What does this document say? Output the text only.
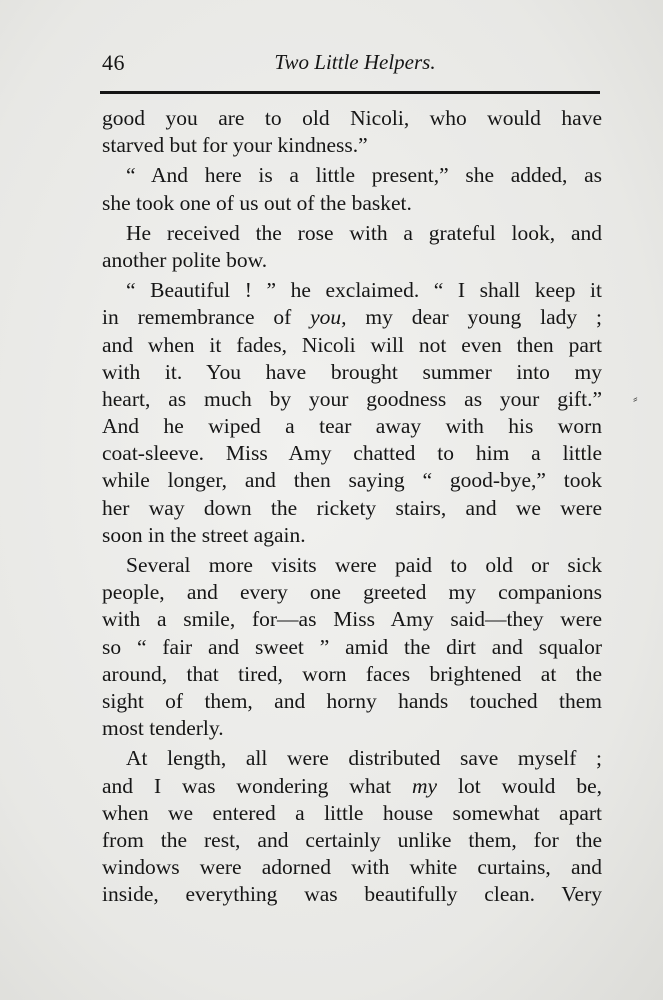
46	Two Little Helpers.
good you are to old Nicoli, who would have
starved but for your kindness.”
“ And here is a little present,” she added, as
she took one of us out of the basket.
He received the rose with a grateful look, and
another polite bow.
“ Beautiful ! ” he exclaimed. “ I shall keep it
in remembrance of you, my dear young lady ;
and when it fades, Nicoli will not even then part
with it. You have brought summer into my
heart, as much by your goodness as your gift.”
And he wiped a tear away with his worn
coat-sleeve. Miss Amy chatted to him a little
while longer, and then saying “ good-bye,” took
her way down the rickety stairs, and we were
soon in the street again.
Several more visits were paid to old or sick
people, and every one greeted my companions
with a smile, for—as Miss Amy said—they were
so “ fair and sweet ” amid the dirt and squalor
around, that tired, worn faces brightened at the
sight of them, and horny hands touched them
most tenderly.
At length, all were distributed save myself ;
and I was wondering what my lot would be,
when we entered a little house somewhat apart
from the rest, and certainly unlike them, for the
windows were adorned with white curtains, and
inside, everything was beautifully clean. Very
⸗
